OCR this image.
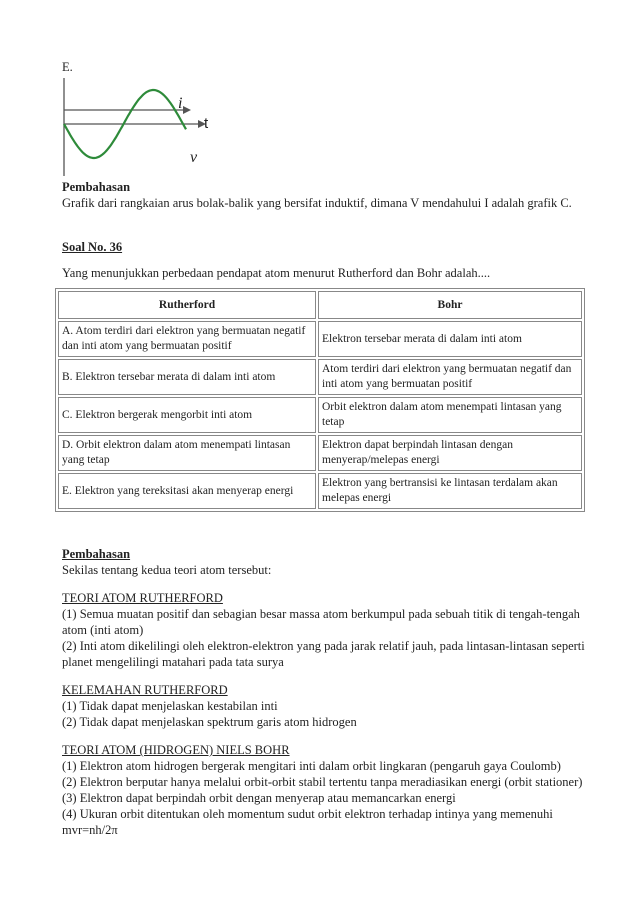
E.
i
t
v
Pembahasan
Grafik dari rangkaian arus bolak-balik yang bersifat induktif, dimana V mendahului I adalah grafik C.
Soal No. 36
Yang menunjukkan perbedaan pendapat atom menurut Rutherford dan Bohr adalah....
Rutherford	Bohr
A. Atom terdiri dari elektron yang bermuatan negatif dan inti atom yang bermuatan positif	Elektron tersebar merata di dalam inti atom
B. Elektron tersebar merata di dalam inti atom	Atom terdiri dari elektron yang bermuatan negatif dan inti atom yang bermuatan positif
C. Elektron bergerak mengorbit inti atom	Orbit elektron dalam atom menempati lintasan yang tetap
D. Orbit elektron dalam atom menempati lintasan yang tetap	Elektron dapat berpindah lintasan dengan menyerap/melepas energi
E. Elektron yang tereksitasi akan menyerap energi	Elektron yang bertransisi ke lintasan terdalam akan melepas energi
Pembahasan
Sekilas tentang kedua teori atom tersebut:
TEORI ATOM RUTHERFORD
(1) Semua muatan positif dan sebagian besar massa atom berkumpul pada sebuah titik di tengah-tengah atom (inti atom)
(2) Inti atom dikelilingi oleh elektron-elektron yang pada jarak relatif jauh, pada lintasan-lintasan seperti planet mengelilingi matahari pada tata surya
KELEMAHAN RUTHERFORD
(1) Tidak dapat menjelaskan kestabilan inti
(2) Tidak dapat menjelaskan spektrum garis atom hidrogen
TEORI ATOM (HIDROGEN) NIELS BOHR
(1) Elektron atom hidrogen bergerak mengitari inti dalam orbit lingkaran (pengaruh gaya Coulomb)
(2) Elektron berputar hanya melalui orbit-orbit stabil tertentu tanpa meradiasikan energi (orbit stationer)
(3) Elektron dapat berpindah orbit dengan menyerap atau memancarkan energi
(4) Ukuran orbit ditentukan oleh momentum sudut orbit elektron terhadap intinya yang memenuhi mvr=nh/2π
